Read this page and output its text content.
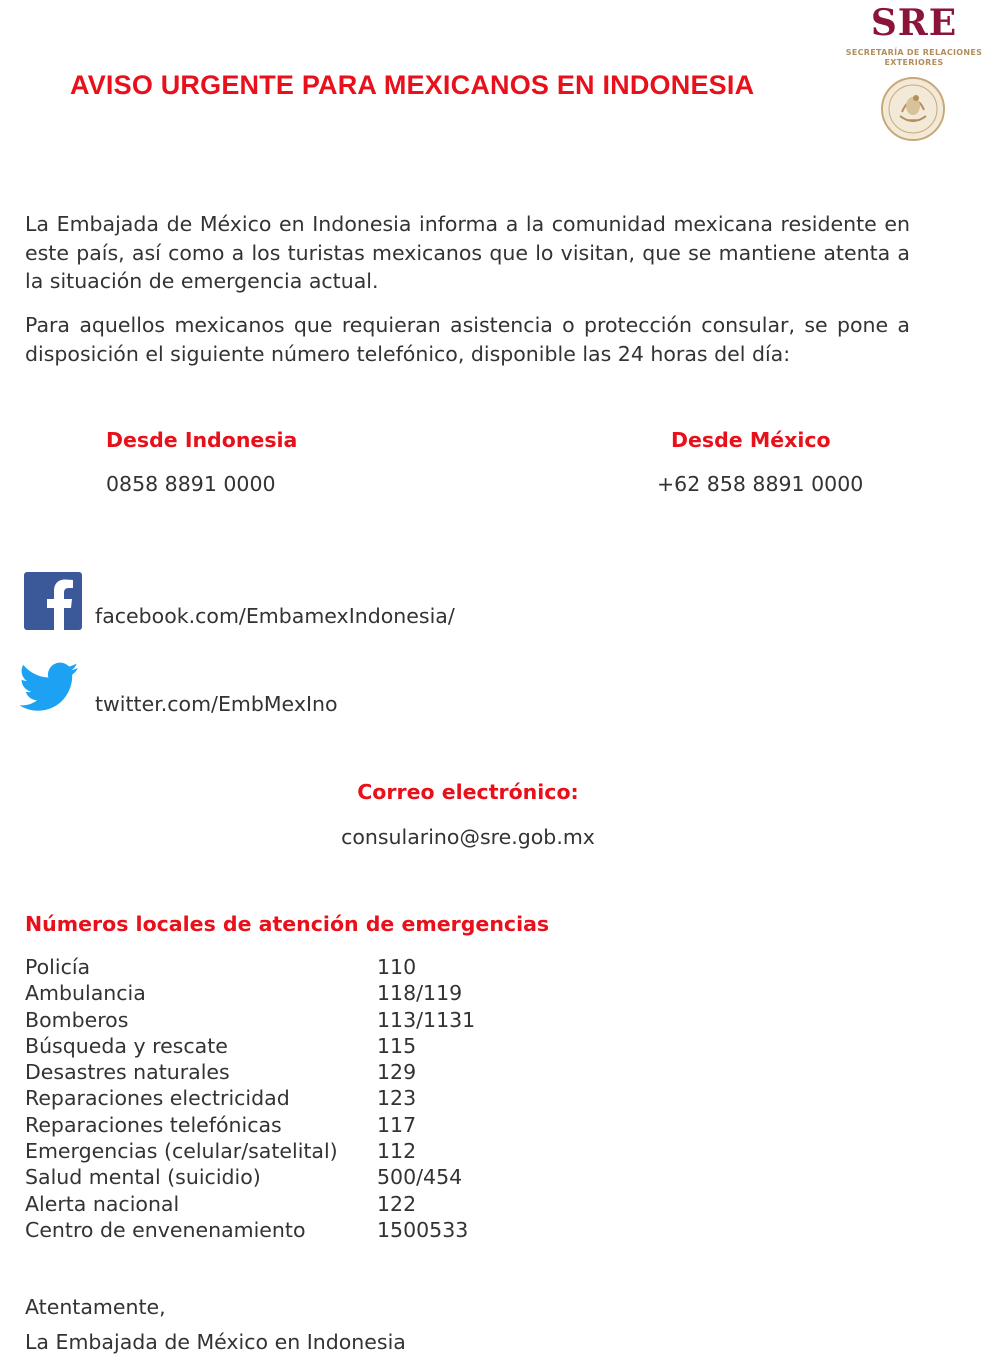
AVISO URGENTE PARA MEXICANOS EN INDONESIA
SRE
SECRETARÍA DE RELACIONES
EXTERIORES
La Embajada de México en Indonesia informa a la comunidad mexicana residente en este país, así como a los turistas mexicanos que lo visitan, que se mantiene atenta a la situación de emergencia actual.
Para aquellos mexicanos que requieran asistencia o protección consular, se pone a disposición el siguiente número telefónico, disponible las 24 horas del día:
Desde Indonesia
0858 8891 0000
Desde México
+62 858 8891 0000
facebook.com/EmbamexIndonesia/
twitter.com/EmbMexIno
Correo electrónico:
consularino@sre.gob.mx
Números locales de atención de emergencias
Policía	110
Ambulancia	118/119
Bomberos	113/1131
Búsqueda y rescate	115
Desastres naturales	129
Reparaciones electricidad	123
Reparaciones telefónicas	117
Emergencias (celular/satelital) 112
Salud mental (suicidio)	500/454
Alerta nacional	122
Centro de envenenamiento	1500533
Atentamente,
La Embajada de México en Indonesia
